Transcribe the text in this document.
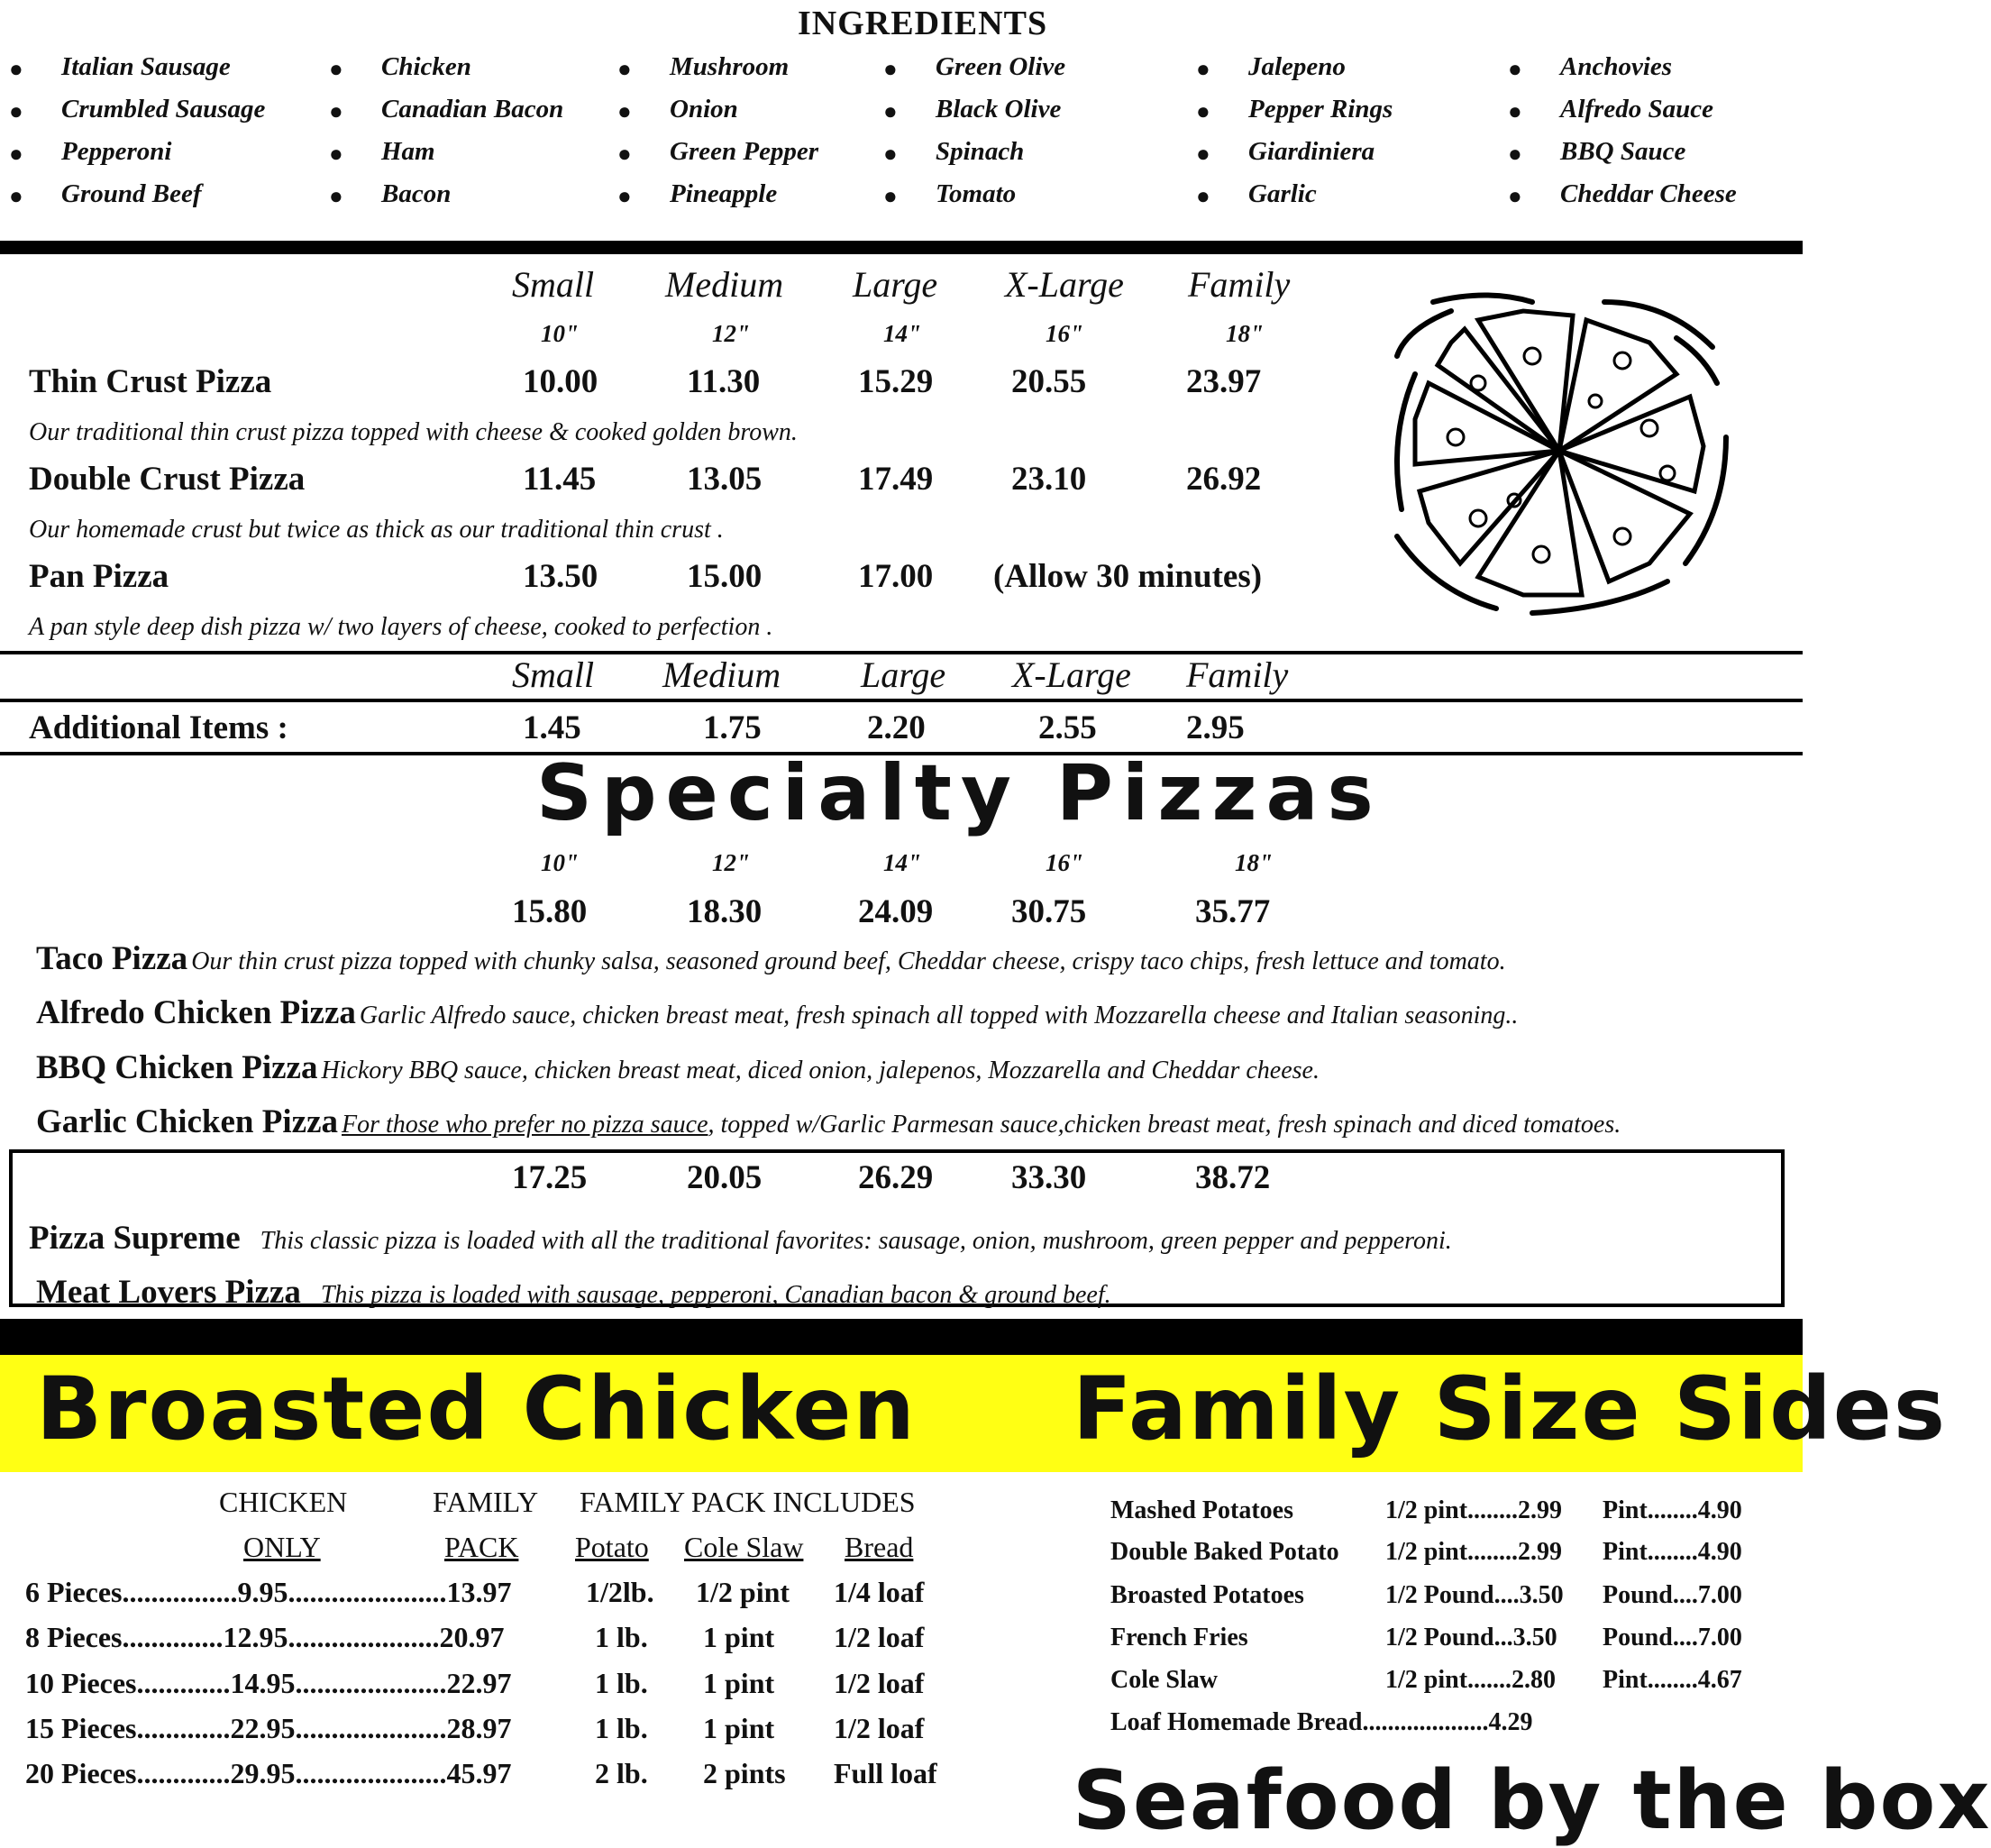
INGREDIENTS
● Italian Sausage
● Crumbled Sausage
● Pepperoni
● Ground Beef
● Chicken
● Canadian Bacon
● Ham
● Bacon
● Mushroom
● Onion
● Green Pepper
● Pineapple
● Green Olive
● Black Olive
● Spinach
● Tomato
● Jalepeno
● Pepper Rings
● Giardiniera
● Garlic
● Anchovies
● Alfredo Sauce
● BBQ Sauce
● Cheddar Cheese
Small Medium Large X-Large Family
10"	12"	14"	16"	18"
Thin Crust Pizza	10.00	11.30	15.29 20.55	23.97
Our traditional thin crust pizza topped with cheese & cooked golden brown.
Double Crust Pizza	11.45	13.05	17.49 23.10	26.92
Our homemade crust but twice as thick as our traditional thin crust .
Pan Pizza	13.50	15.00	17.00 (Allow 30 minutes)
A pan style deep dish pizza w/ two layers of cheese, cooked to perfection .
Small Medium Large X-Large Family
Additional Items :	1.45	1.75	2.20	2.55	2.95
Specialty Pizzas
10"	12"	14"	16"	18"
15.80	18.30	24.09 30.75	35.77
Taco Pizza Our thin crust pizza topped with chunky salsa, seasoned ground beef, Cheddar cheese, crispy taco chips, fresh lettuce and tomato.
Alfredo Chicken Pizza Garlic Alfredo sauce, chicken breast meat, fresh spinach all topped with Mozzarella cheese and Italian seasoning..
BBQ Chicken Pizza Hickory BBQ sauce, chicken breast meat, diced onion, jalepenos, Mozzarella and Cheddar cheese.
Garlic Chicken Pizza For those who prefer no pizza sauce, topped w/Garlic Parmesan sauce,chicken breast meat, fresh spinach and diced tomatoes.
17.25	20.05	26.29 33.30	38.72
Pizza Supreme This classic pizza is loaded with all the traditional favorites: sausage, onion, mushroom, green pepper and pepperoni.
Meat Lovers Pizza This pizza is loaded with sausage, pepperoni, Canadian bacon & ground beef.
Broasted Chicken Family Size Sides
CHICKEN	FAMILY FAMILY PACK INCLUDES
ONLY	PACK Potato Cole Slaw Bread
6 Pieces................9.95......................13.97	1/2lb. 1/2 pint 1/4 loaf
8 Pieces..............12.95.....................20.97	1 lb. 1 pint 1/2 loaf
10 Pieces.............14.95.....................22.97	1 lb. 1 pint 1/2 loaf
15 Pieces.............22.95.....................28.97	1 lb. 1 pint 1/2 loaf
20 Pieces.............29.95.....................45.97	2 lb. 2 pints Full loaf
Mashed Potatoes	1/2 pint........2.99 Pint........4.90
Double Baked Potato 1/2 pint........2.99 Pint........4.90
Broasted Potatoes	1/2 Pound....3.50 Pound....7.00
French Fries	1/2 Pound...3.50 Pound....7.00
Cole Slaw	1/2 pint.......2.80 Pint........4.67
Loaf Homemade Bread....................4.29
Seafood by the box
